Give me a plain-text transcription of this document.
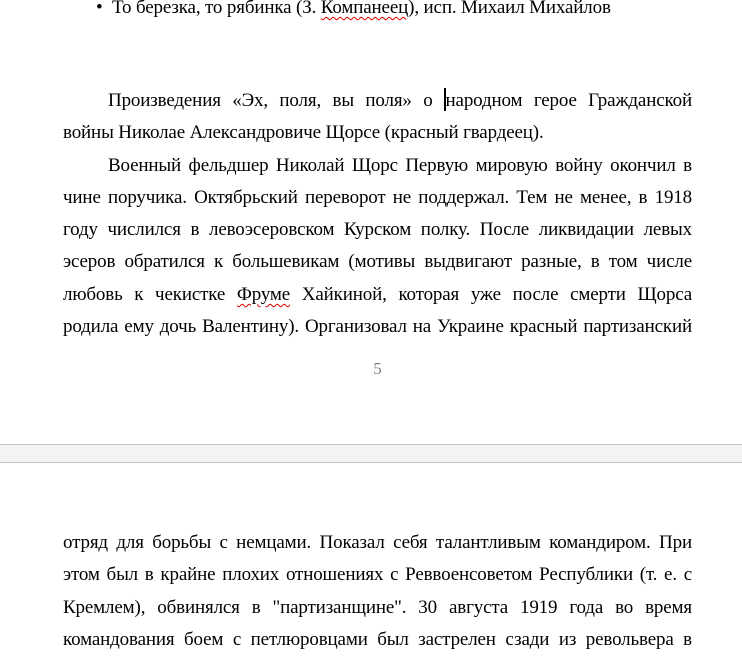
• То березка, то рябинка (З. Компанеец), исп. Михаил Михайлов
Произведения «Эх, поля, вы поля» о народном герое Гражданской
войны Николае Александровиче Щорсе (красный гвардеец).
Военный фельдшер Николай Щорс Первую мировую войну окончил в
чине поручика. Октябрьский переворот не поддержал. Тем не менее, в 1918
году числился в левоэсеровском Курском полку. После ликвидации левых
эсеров обратился к большевикам (мотивы выдвигают разные, в том числе
любовь к чекистке Фруме Хайкиной, которая уже после смерти Щорса
родила ему дочь Валентину). Организовал на Украине красный партизанский
5
отряд для борьбы с немцами. Показал себя талантливым командиром. При
этом был в крайне плохих отношениях с Реввоенсоветом Республики (т. е. с
Кремлем), обвинялся в "партизанщине". 30 августа 1919 года во время
командования боем с петлюровцами был застрелен сзади из револьвера в
